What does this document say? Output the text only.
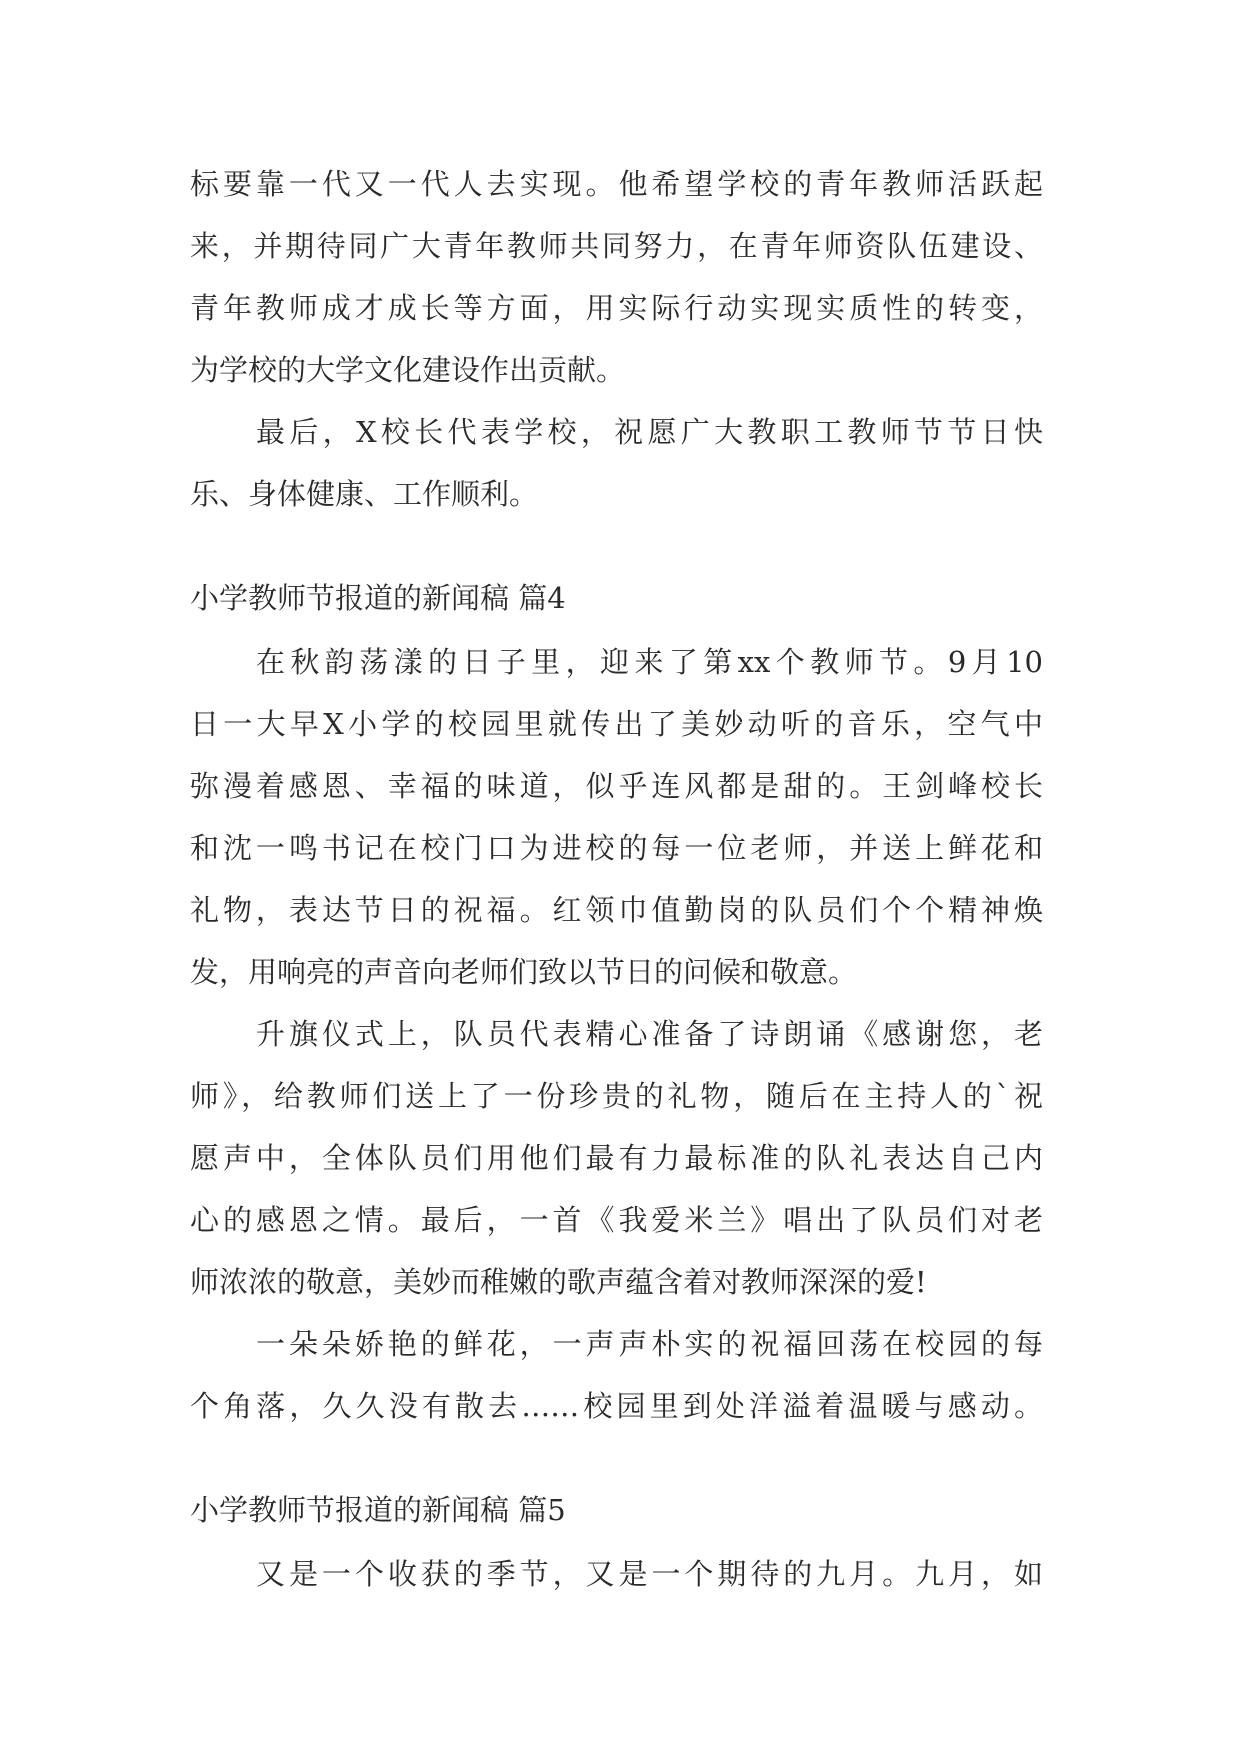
标要靠一代又一代人去实现。他希望学校的青年教师活跃起

来，并期待同广大青年教师共同努力，在青年师资队伍建设、

青年教师成才成长等方面，用实际行动实现实质性的转变，

为学校的大学文化建设作出贡献。

最后，X校长代表学校，祝愿广大教职工教师节节日快

乐、身体健康、工作顺利。

小学教师节报道的新闻稿 篇4

在秋韵荡漾的日子里，迎来了第xx个教师节。9月10

日一大早X小学的校园里就传出了美妙动听的音乐，空气中

弥漫着感恩、幸福的味道，似乎连风都是甜的。王剑峰校长

和沈一鸣书记在校门口为进校的每一位老师，并送上鲜花和

礼物，表达节日的祝福。红领巾值勤岗的队员们个个精神焕

发，用响亮的声音向老师们致以节日的问候和敬意。

升旗仪式上，队员代表精心准备了诗朗诵《感谢您，老

师》，给教师们送上了一份珍贵的礼物，随后在主持人的`祝

愿声中，全体队员们用他们最有力最标准的队礼表达自己内

心的感恩之情。最后，一首《我爱米兰》唱出了队员们对老

师浓浓的敬意，美妙而稚嫩的歌声蕴含着对教师深深的爱!

一朵朵娇艳的鲜花，一声声朴实的祝福回荡在校园的每

个角落，久久没有散去……校园里到处洋溢着温暖与感动。

小学教师节报道的新闻稿 篇5

又是一个收获的季节，又是一个期待的九月。九月，如
